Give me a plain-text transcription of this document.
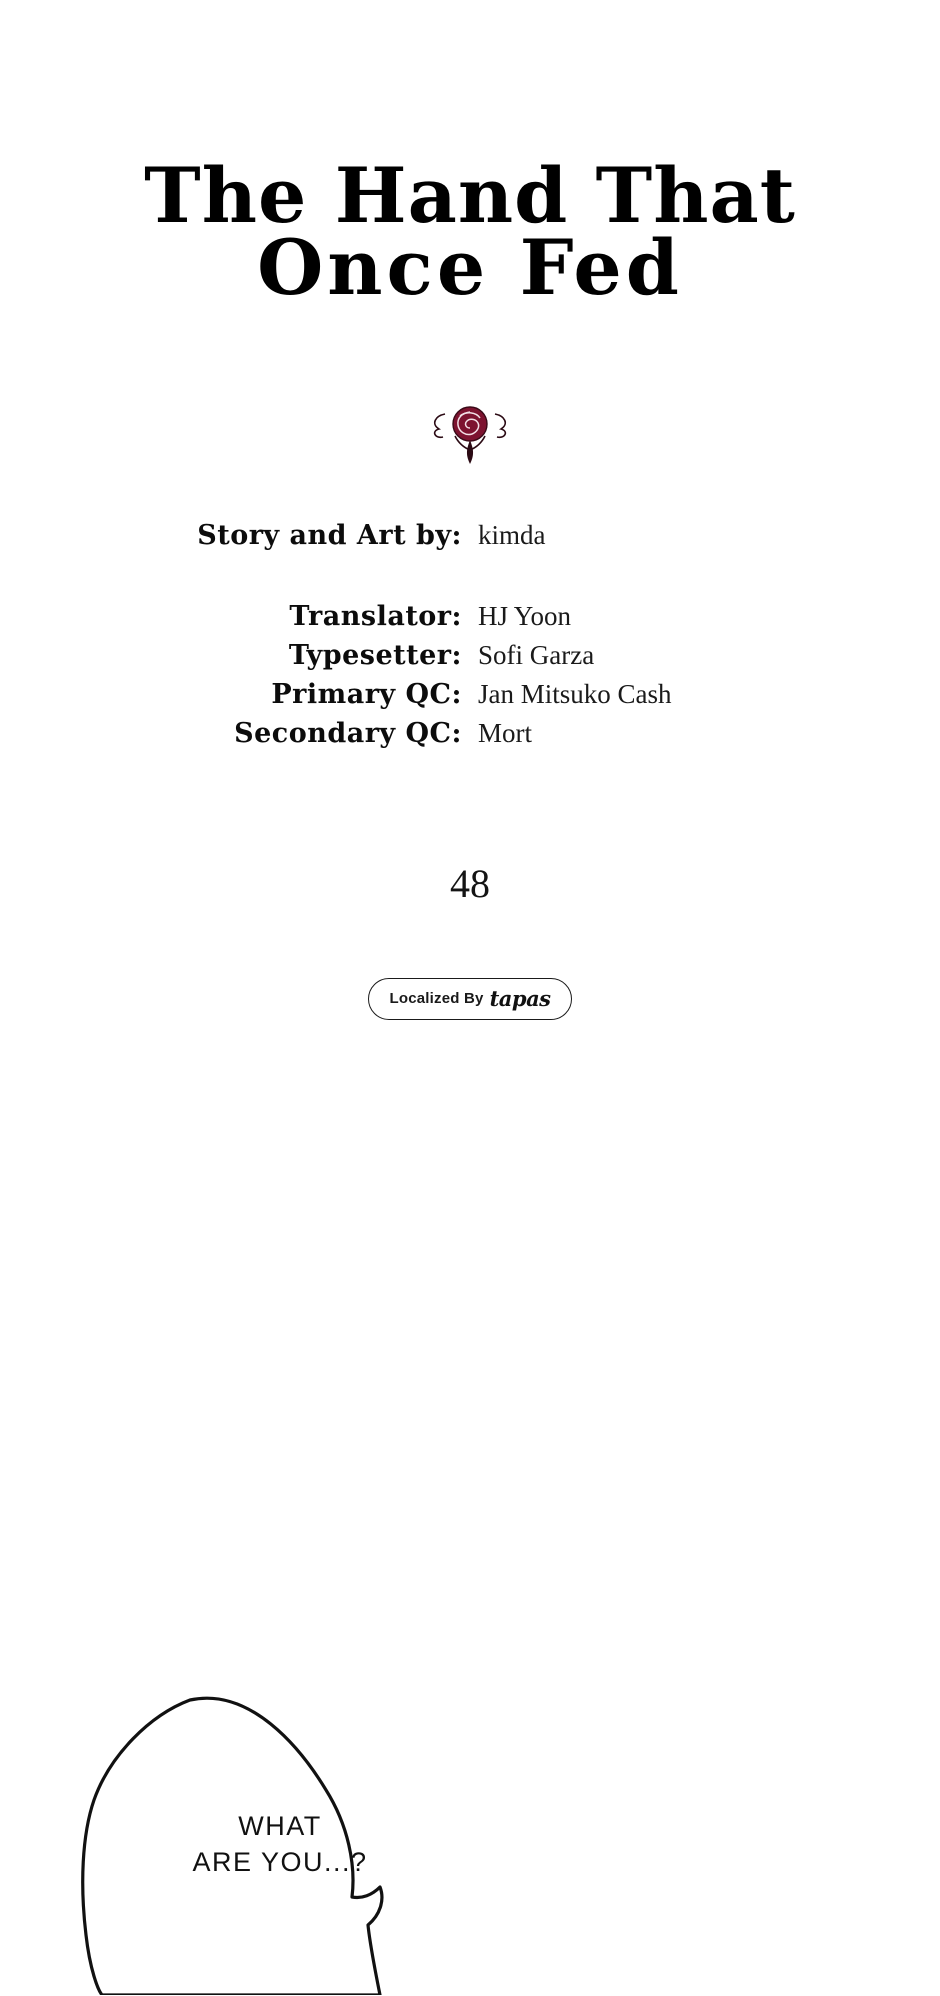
The Hand That
Once Fed
Story and Art by: kimda
Translator: HJ Yoon
Typesetter: Sofi Garza
Primary QC: Jan Mitsuko Cash
Secondary QC: Mort
48
Localized By tapas
WHAT
ARE YOU...?
